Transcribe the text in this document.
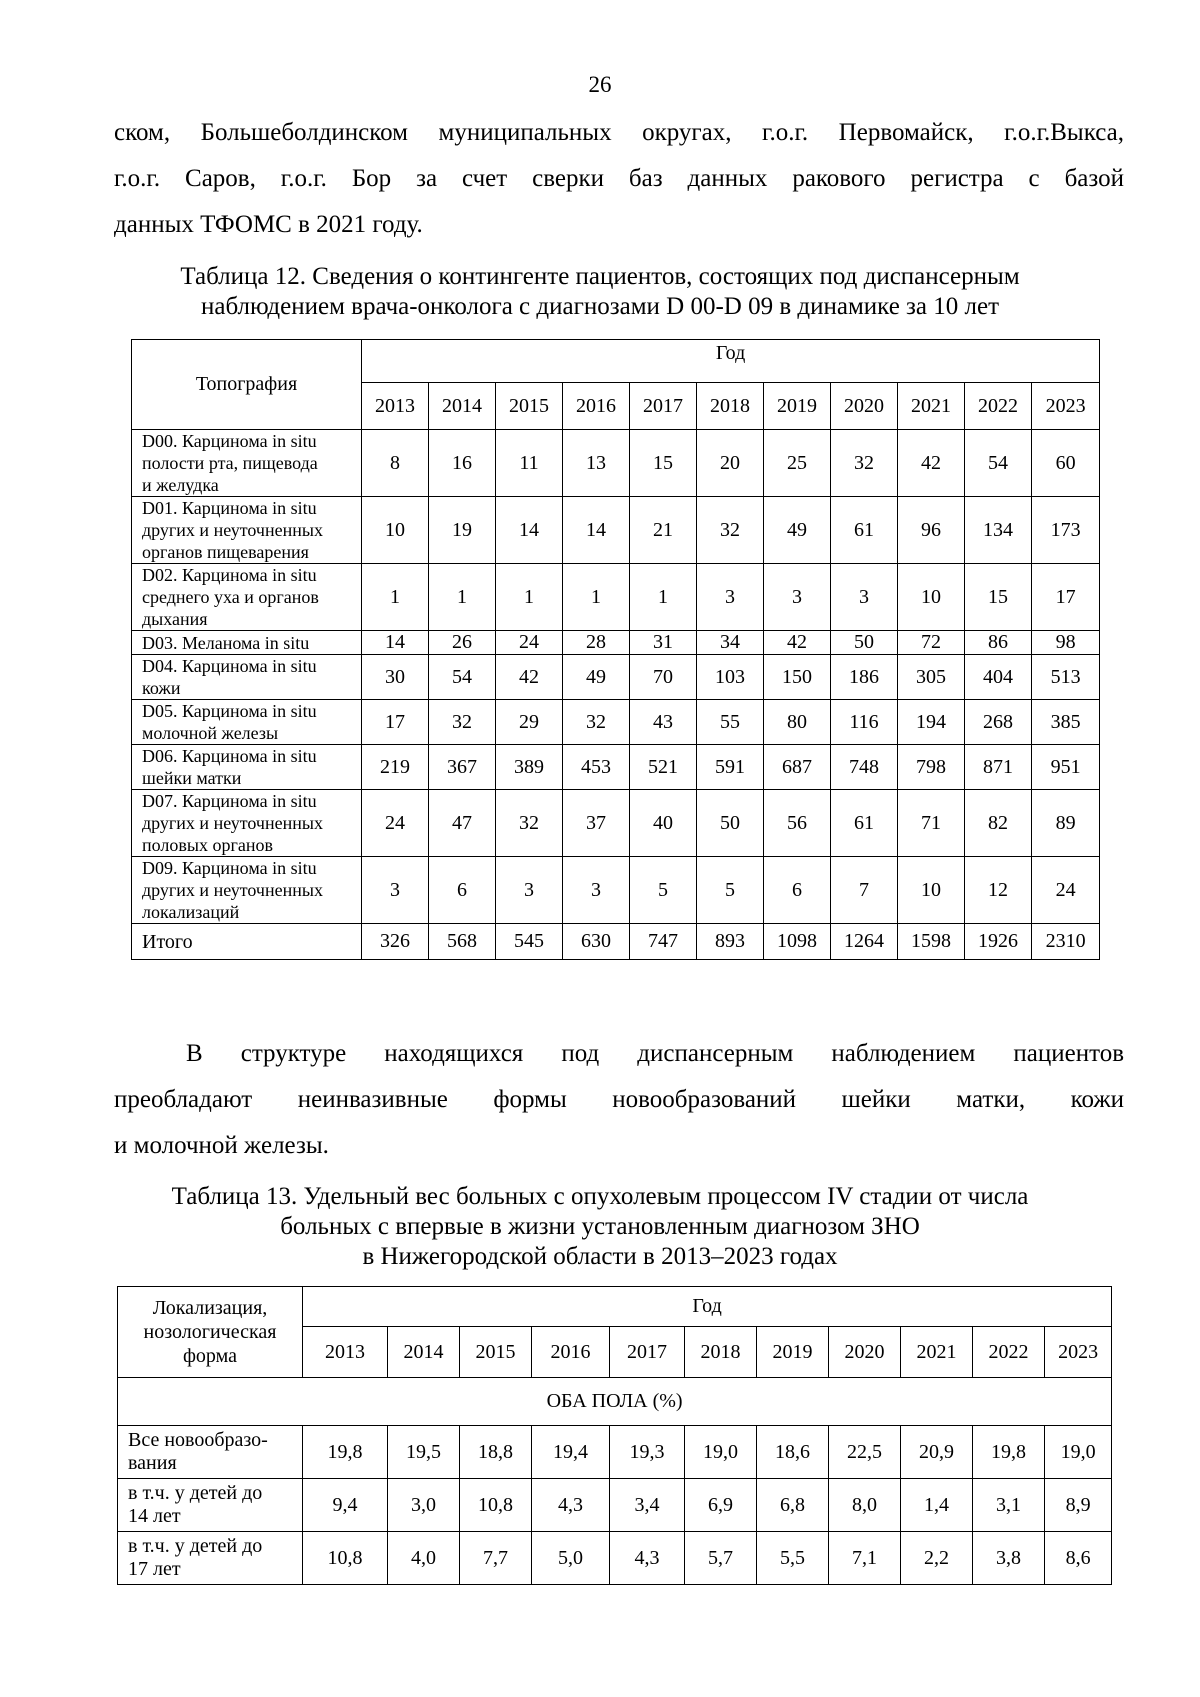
26
ском, Большеболдинском муниципальных округах, г.о.г. Первомайск, г.о.г.Выкса,
г.о.г. Саров, г.о.г. Бор за счет сверки баз данных ракового регистра с базой
данных ТФОМС в 2021 году.
Таблица 12. Сведения о контингенте пациентов, состоящих под диспансерным
наблюдением врача-онколога с диагнозами D 00-D 09 в динамике за 10 лет
Топография	Год										
	2013	2014	2015	2016	2017	2018	2019	2020	2021	2022	2023

D00. Карцинома in situ
полости рта, пищевода
и желудка	8	16	11	13	15	20	25	32	42	54	60

D01. Карцинома in situ
других и неуточненных
органов пищеварения	10	19	14	14	21	32	49	61	96	134	173

D02. Карцинома in situ
среднего уха и органов
дыхания	1	1	1	1	1	3	3	3	10	15	17

D03. Меланома in situ	14	26	24	28	31	34	42	50	72	86	98

D04. Карцинома in situ
кожи	30	54	42	49	70	103	150	186	305	404	513

D05. Карцинома in situ
молочной железы	17	32	29	32	43	55	80	116	194	268	385

D06. Карцинома in situ
шейки матки	219	367	389	453	521	591	687	748	798	871	951

D07. Карцинома in situ
других и неуточненных
половых органов	24	47	32	37	40	50	56	61	71	82	89

D09. Карцинома in situ
других и неуточненных
локализаций	3	6	3	3	5	5	6	7	10	12	24

Итого	326	568	545	630	747	893	1098	1264	1598	1926	2310
В структуре находящихся под диспансерным наблюдением пациентов
преобладают неинвазивные формы новообразований шейки матки, кожи
и молочной железы.
Таблица 13. Удельный вес больных с опухолевым процессом IV стадии от числа
больных с впервые в жизни установленным диагнозом ЗНО
в Нижегородской области в 2013–2023 годах
Локализация,
нозологическая
форма	Год										
	2013	2014	2015	2016	2017	2018	2019	2020	2021	2022	2023
ОБА ПОЛА (%)											

Все новообразо-
вания	19,8	19,5	18,8	19,4	19,3	19,0	18,6	22,5	20,9	19,8	19,0

в т.ч. у детей до
14 лет	9,4	3,0	10,8	4,3	3,4	6,9	6,8	8,0	1,4	3,1	8,9

в т.ч. у детей до
17 лет	10,8	4,0	7,7	5,0	4,3	5,7	5,5	7,1	2,2	3,8	8,6
